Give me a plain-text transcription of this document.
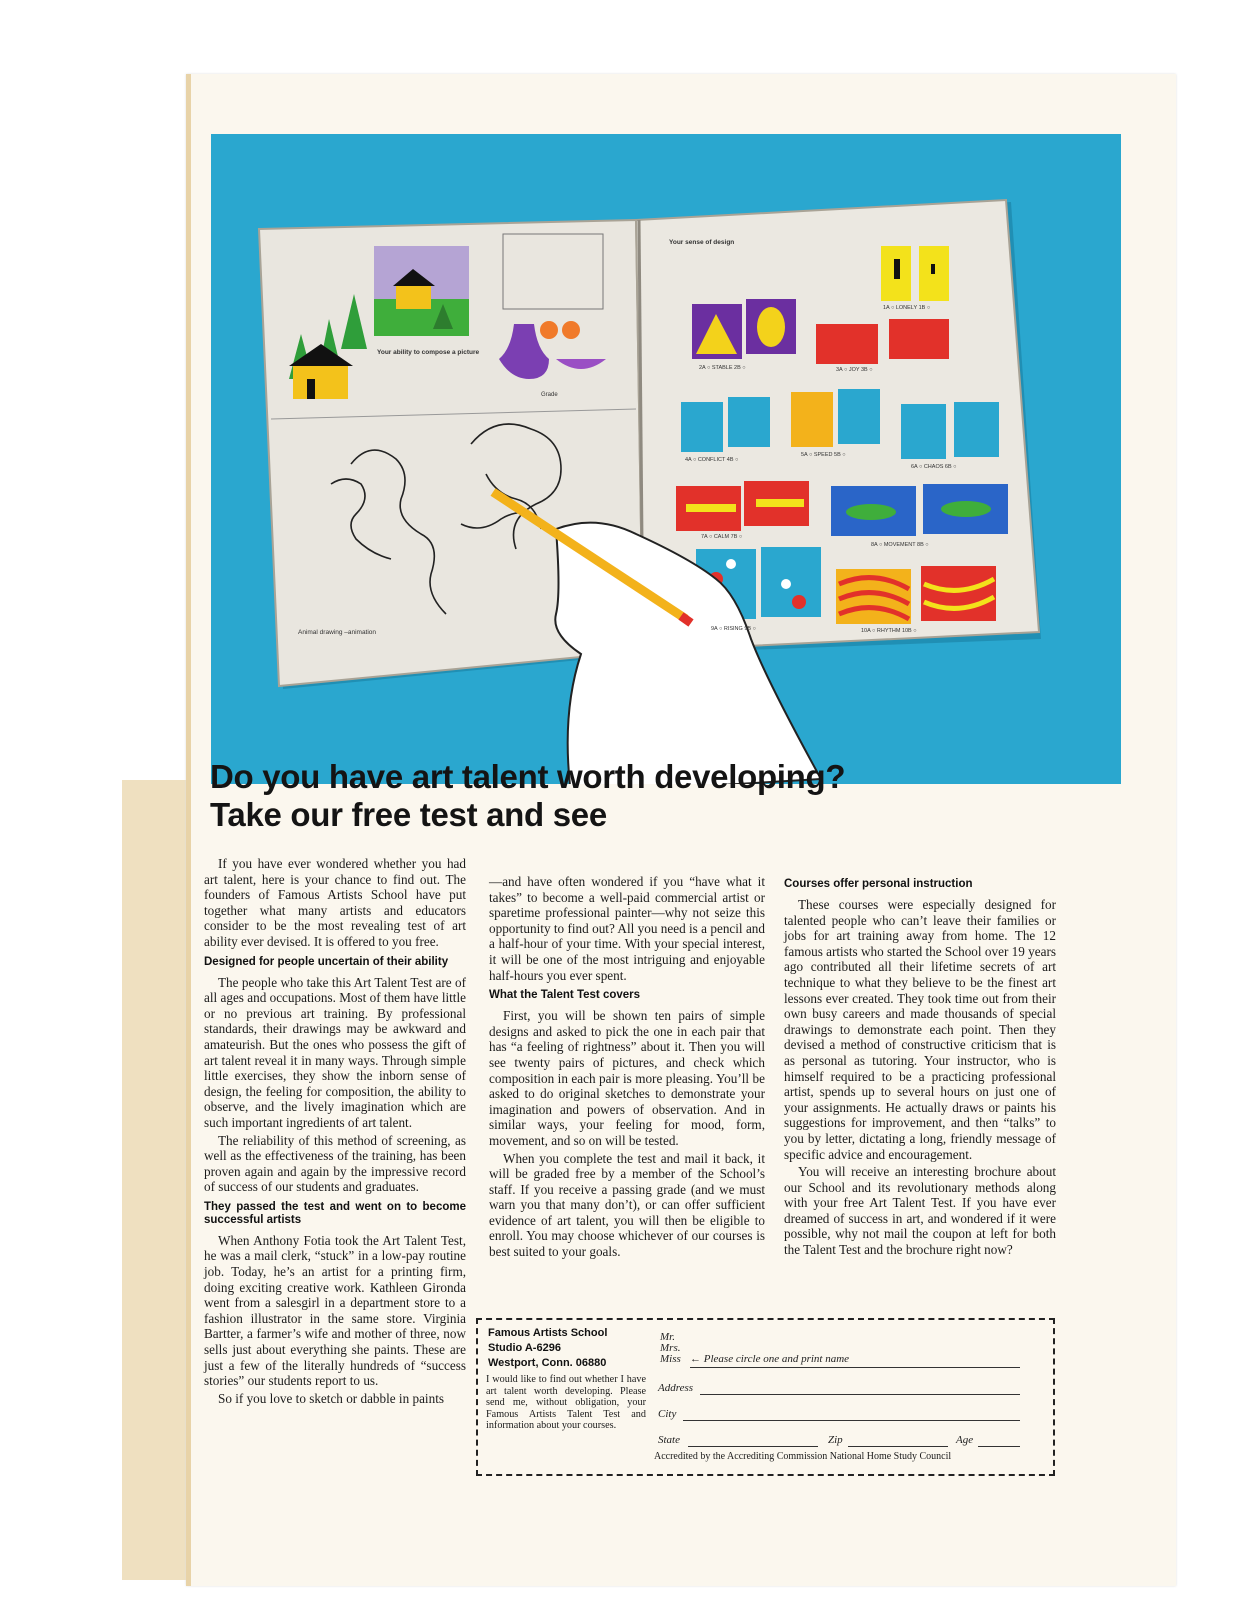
Your ability to compose a picture
Grade
Animal drawing –animation
Your sense of design
2A ○ STABLE 2B ○	3A ○ JOY 3B ○
1A ○ LONELY 1B ○
4A ○ CONFLICT 4B ○
5A ○ SPEED 5B ○
6A ○ CHAOS 6B ○
7A ○ CALM 7B ○
8A ○ MOVEMENT 8B ○
9A ○ RISING 9B ○	10A ○ RHYTHM 10B ○
Do you have art talent worth developing?
Take our free test and see

If you have ever wondered whether you had art talent, here is your chance to find out. The founders of Famous Artists School have put together what many artists and educators consider to be the most revealing test of art ability ever devised. It is offered to you free.

Designed for people uncertain of their ability

The people who take this Art Talent Test are of all ages and occupations. Most of them have little or no previous art training. By professional standards, their drawings may be awkward and amateurish. But the ones who possess the gift of art talent reveal it in many ways. Through simple little exercises, they show the inborn sense of design, the feeling for composition, the ability to observe, and the lively imagination which are such important ingredients of art talent.

The reliability of this method of screening, as well as the effectiveness of the training, has been proven again and again by the impressive record of success of our students and graduates.

They passed the test and went on to become successful artists

When Anthony Fotia took the Art Talent Test, he was a mail clerk, “stuck” in a low-pay routine job. Today, he’s an artist for a printing firm, doing exciting creative work. Kathleen Gironda went from a salesgirl in a department store to a fashion illustrator in the same store. Virginia Bartter, a farmer’s wife and mother of three, now sells just about everything she paints. These are just a few of the literally hundreds of “success stories” our students report to us.

So if you love to sketch or dabble in paints

—and have often wondered if you “have what it takes” to become a well-paid commercial artist or sparetime professional painter—why not seize this opportunity to find out? All you need is a pencil and a half-hour of your time. With your special interest, it will be one of the most intriguing and enjoyable half-hours you ever spent.

What the Talent Test covers

First, you will be shown ten pairs of simple designs and asked to pick the one in each pair that has “a feeling of rightness” about it. Then you will see twenty pairs of pictures, and check which composition in each pair is more pleasing. You’ll be asked to do original sketches to demonstrate your imagination and powers of observation. And in similar ways, your feeling for mood, form, movement, and so on will be tested.

When you complete the test and mail it back, it will be graded free by a member of the School’s staff. If you receive a passing grade (and we must warn you that many don’t), or can offer sufficient evidence of art talent, you will then be eligible to enroll. You may choose whichever of our courses is best suited to your goals.

Courses offer personal instruction

These courses were especially designed for talented people who can’t leave their families or jobs for art training away from home. The 12 famous artists who started the School over 19 years ago contributed all their lifetime secrets of art technique to what they believe to be the finest art lessons ever created. They took time out from their own busy careers and made thousands of special drawings to demonstrate each point. Then they devised a method of constructive criticism that is as personal as tutoring. Your instructor, who is himself required to be a practicing professional artist, spends up to several hours on just one of your assignments. He actually draws or paints his suggestions for improvement, and then “talks” to you by letter, dictating a long, friendly message of specific advice and encouragement.

You will receive an interesting brochure about our School and its revolutionary methods along with your free Art Talent Test. If you have ever dreamed of success in art, and wondered if it were possible, why not mail the coupon at left for both the Talent Test and the brochure right now?

Famous Artists School
Studio A-6296
Westport, Conn. 06880
I would like to find out whether I have art talent worth developing. Please send me, without obligation, your Famous Artists Talent Test and information about your courses.
Mr.
Mrs.
Miss ← Please circle one and print name
Address
City
State	Zip	Age
Accredited by the Accrediting Commission National Home Study Council
